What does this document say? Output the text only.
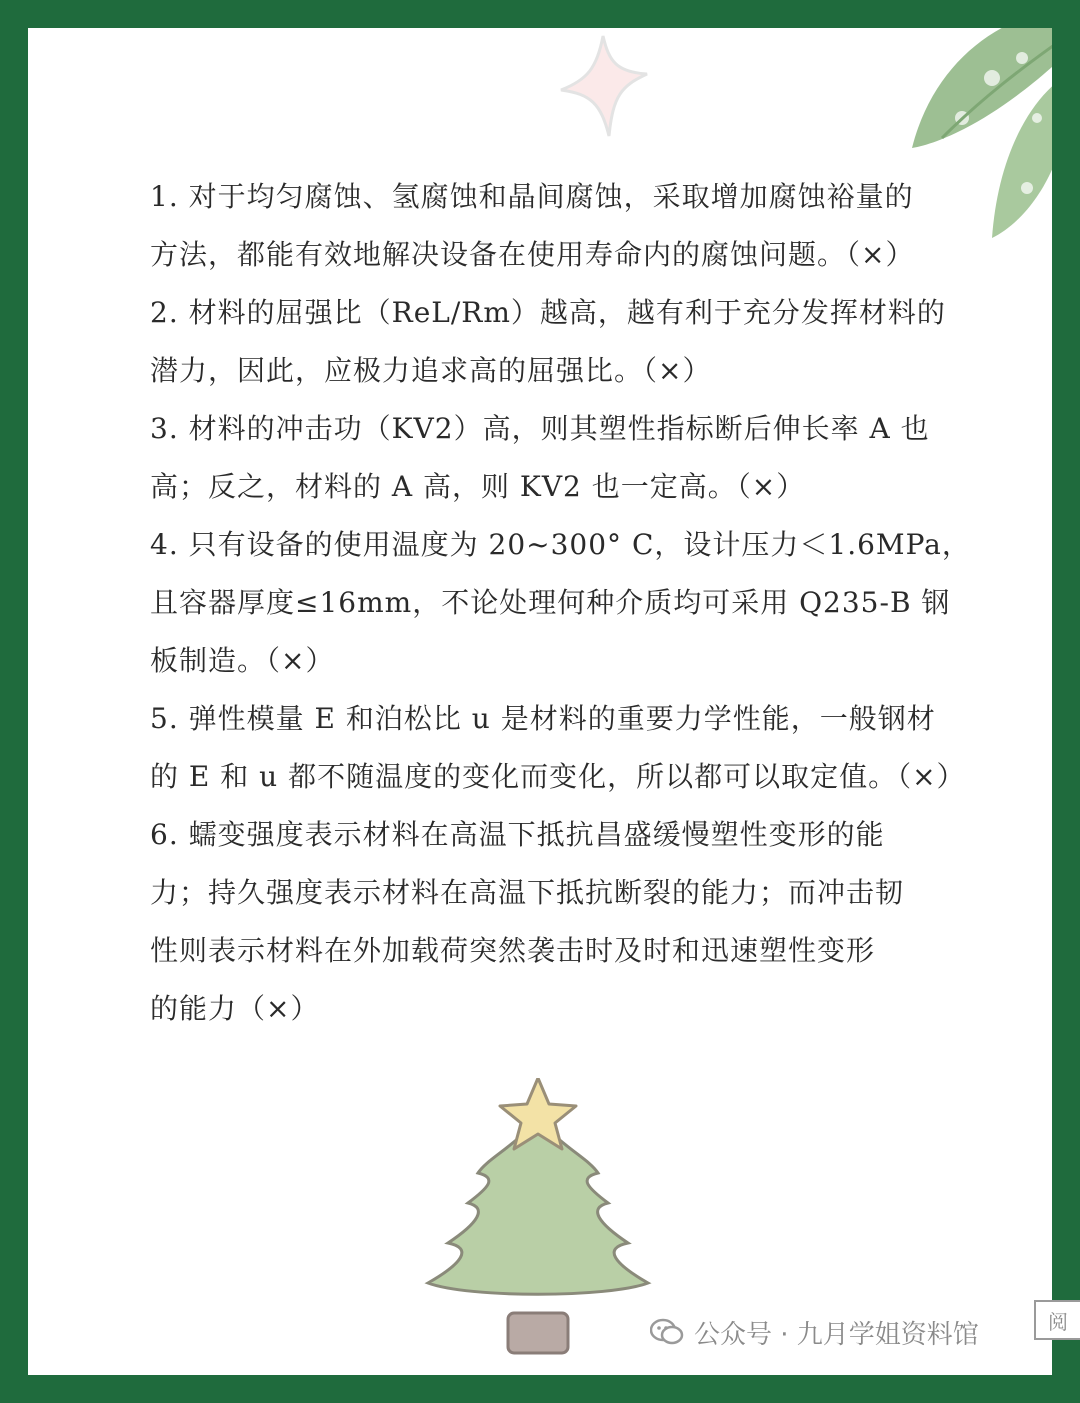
1. 对于均匀腐蚀、氢腐蚀和晶间腐蚀，采取增加腐蚀裕量的
方法，都能有效地解决设备在使用寿命内的腐蚀问题。（×）
2. 材料的屈强比（ReL/Rm）越高，越有利于充分发挥材料的
潜力，因此，应极力追求高的屈强比。（×）
3. 材料的冲击功（KV2）高，则其塑性指标断后伸长率 A 也
高；反之，材料的 A 高，则 KV2 也一定高。（×）
4. 只有设备的使用温度为 20~300° C，设计压力＜1.6MPa，
且容器厚度≤16mm，不论处理何种介质均可采用 Q235-B 钢
板制造。（×）
5. 弹性模量 E 和泊松比 u 是材料的重要力学性能，一般钢材
的 E 和 u 都不随温度的变化而变化，所以都可以取定值。（×）
6. 蠕变强度表示材料在高温下抵抗昌盛缓慢塑性变形的能
力；持久强度表示材料在高温下抵抗断裂的能力；而冲击韧
性则表示材料在外加载荷突然袭击时及时和迅速塑性变形
的能力（×）
公众号 · 九月学姐资料馆	阅
